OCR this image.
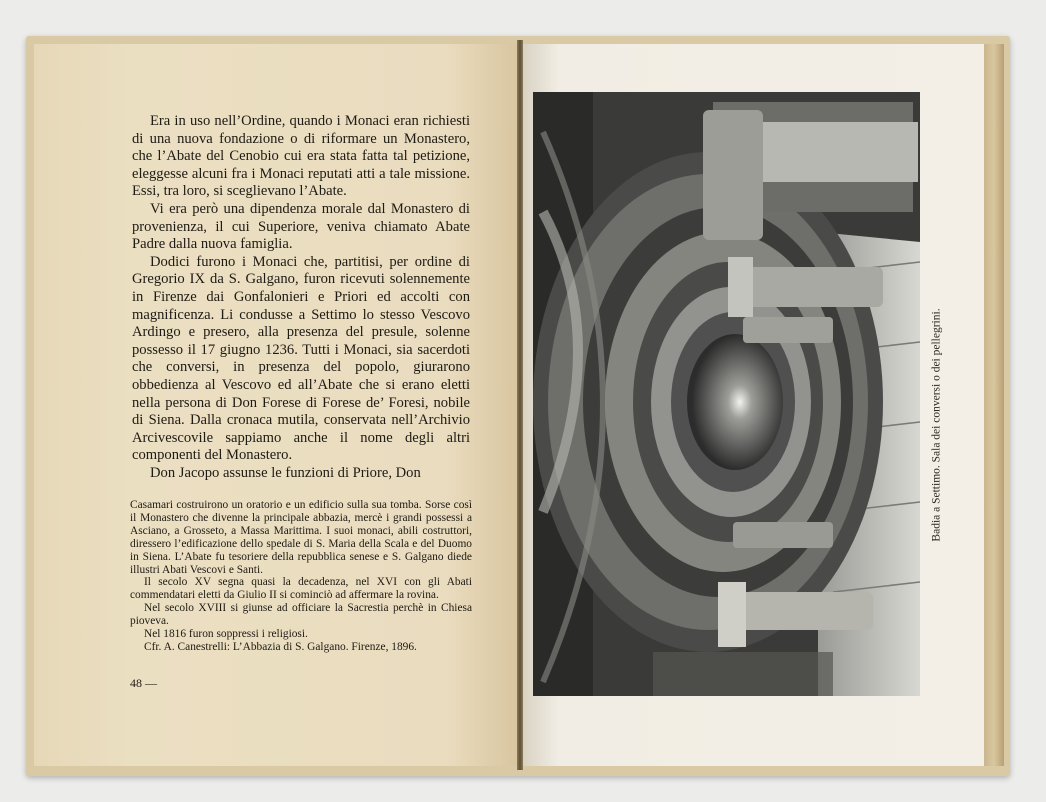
Era in uso nell’Ordine, quando i Monaci eran richiesti di una nuova fondazione o di riformare un Monastero, che l’Abate del Cenobio cui era stata fatta tal petizione, eleggesse alcuni fra i Monaci reputati atti a tale missione. Essi, tra loro, si sceglievano l’Abate.

Vi era però una dipendenza morale dal Monastero di provenienza, il cui Superiore, veniva chiamato Abate Padre dalla nuova famiglia.

Dodici furono i Monaci che, partitisi, per ordine di Gregorio IX da S. Galgano, furon ricevuti solennemente in Firenze dai Gonfalonieri e Priori ed accolti con magnificenza. Li condusse a Settimo lo stesso Vescovo Ardingo e presero, alla presenza del presule, solenne possesso il 17 giugno 1236. Tutti i Monaci, sia sacerdoti che conversi, in presenza del popolo, giurarono obbedienza al Vescovo ed all’Abate che si erano eletti nella persona di Don Forese di Forese de’ Foresi, nobile di Siena. Dalla cronaca mutila, conservata nell’Archivio Arcivescovile sappiamo anche il nome degli altri componenti del Monastero.

Don Jacopo assunse le funzioni di Priore, Don

Casamari costruirono un oratorio e un edificio sulla sua tomba. Sorse così il Monastero che divenne la principale abbazia, mercè i grandi possessi a Asciano, a Grosseto, a Massa Marittima. I suoi monaci, abili costruttori, diressero l’edificazione dello spedale di S. Maria della Scala e del Duomo in Siena. L’Abate fu tesoriere della repubblica senese e S. Galgano diede illustri Abati Vescovi e Santi.

Il secolo XV segna quasi la decadenza, nel XVI con gli Abati commendatari eletti da Giulio II si cominciò ad affermare la rovina.

Nel secolo XVIII si giunse ad officiare la Sacrestia perchè in Chiesa pioveva.

Nel 1816 furon soppressi i religiosi.

Cfr. A. Canestrelli: L’Abbazia di S. Galgano. Firenze, 1896.

48 —
Badia a Settimo. Sala dei conversi o dei pellegrini.
